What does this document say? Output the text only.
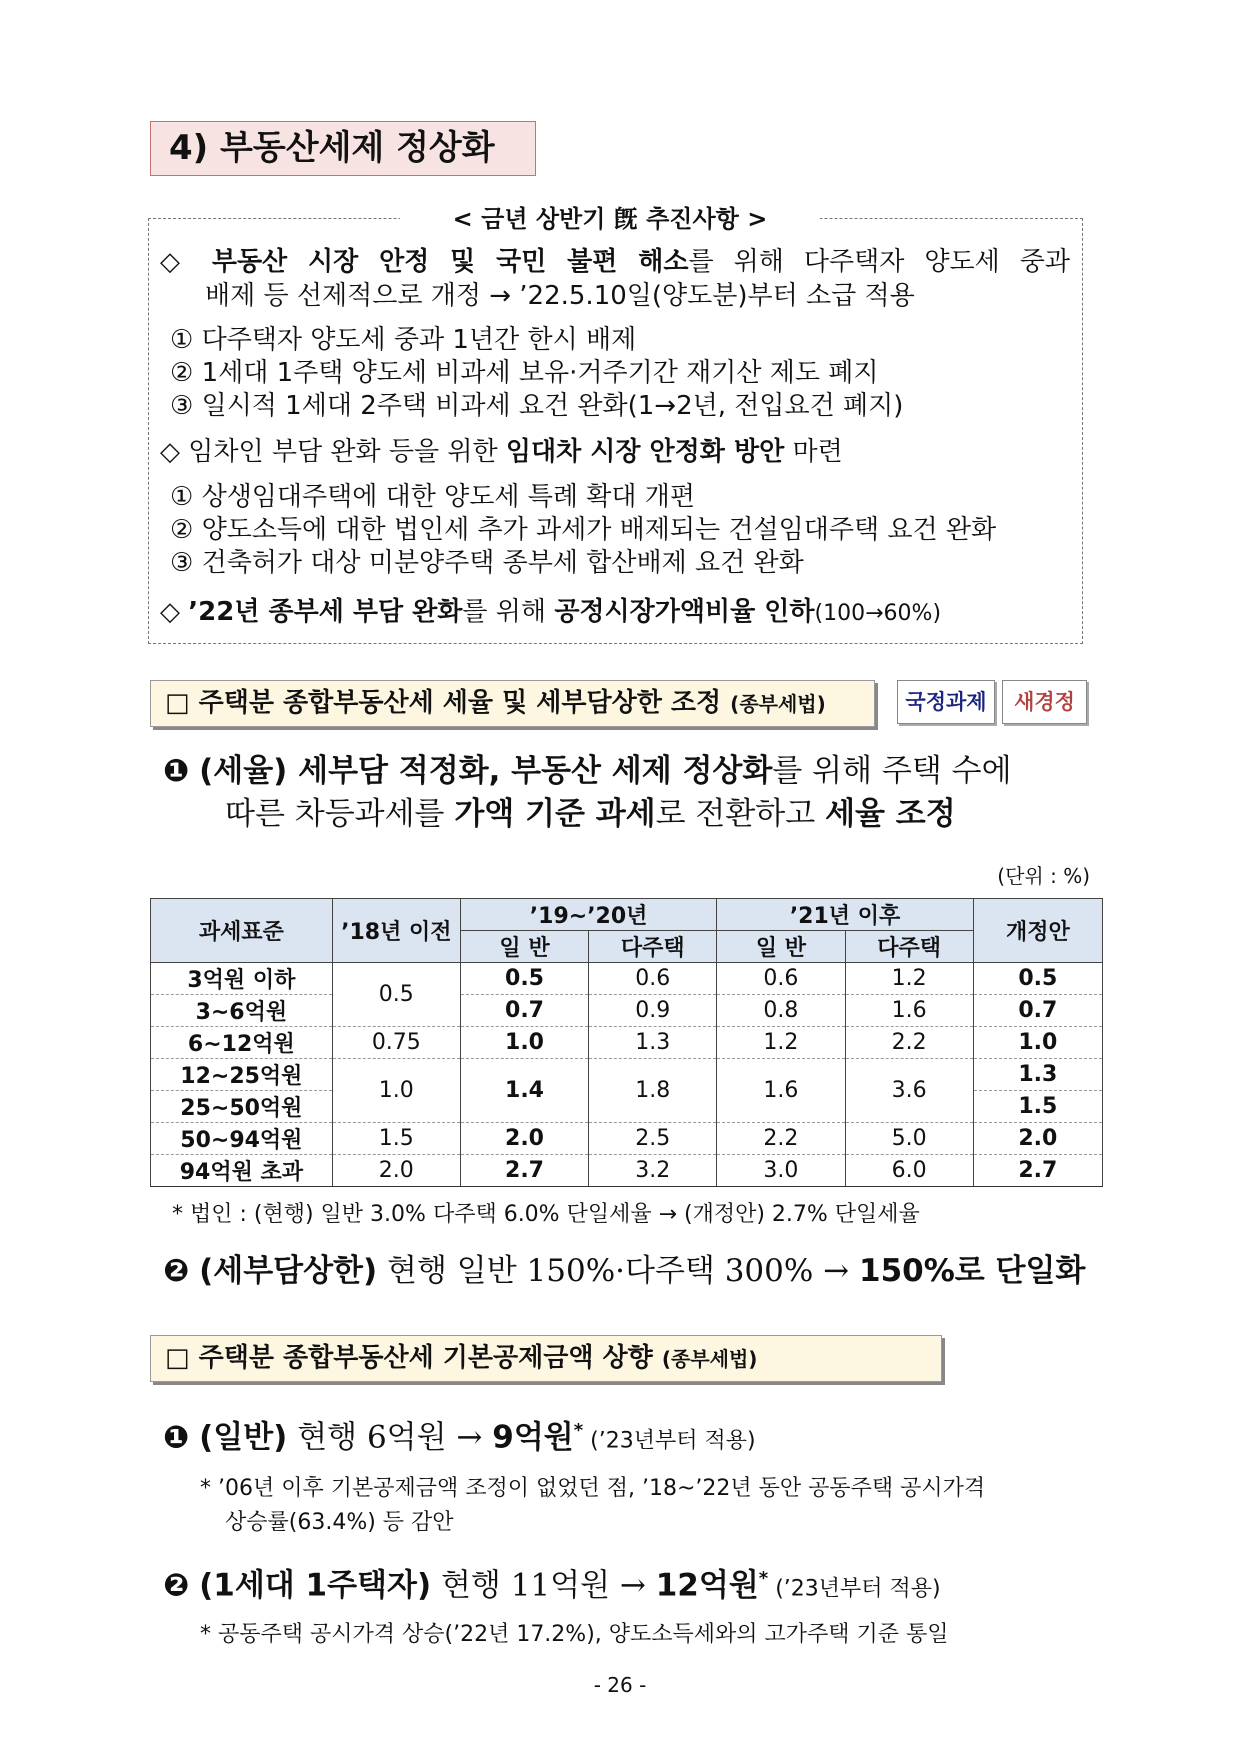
4) 부동산세제 정상화
< 금년 상반기 旣 추진사항 >
◇ 부동산 시장 안정 및 국민 불편 해소를 위해 다주택자 양도세 중과
배제 등 선제적으로 개정 → ’22.5.10일(양도분)부터 소급 적용
① 다주택자 양도세 중과 1년간 한시 배제
② 1세대 1주택 양도세 비과세 보유·거주기간 재기산 제도 폐지
③ 일시적 1세대 2주택 비과세 요건 완화(1→2년, 전입요건 폐지)
◇ 임차인 부담 완화 등을 위한 임대차 시장 안정화 방안 마련
① 상생임대주택에 대한 양도세 특례 확대 개편
② 양도소득에 대한 법인세 추가 과세가 배제되는 건설임대주택 요건 완화
③ 건축허가 대상 미분양주택 종부세 합산배제 요건 완화
◇ ’22년 종부세 부담 완화를 위해 공정시장가액비율 인하(100→60%)
□ 주택분 종합부동산세 세율 및 세부담상한 조정 (종부세법)	국정과제	새경정
❶ (세율) 세부담 적정화, 부동산 세제 정상화를 위해 주택 수에
따른 차등과세를 가액 기준 과세로 전환하고 세율 조정
(단위 : %)
과세표준	’18년 이전	’19~’20년		’21년 이후		개정안
		일 반	다주택	일 반	다주택	
3억원 이하	0.5	0.5	0.6	0.6	1.2	0.5
3~6억원		0.7	0.9	0.8	1.6	0.7
6~12억원	0.75	1.0	1.3	1.2	2.2	1.0
12~25억원	1.0	1.4	1.8	1.6	3.6	1.3
25~50억원						1.5
50~94억원	1.5	2.0	2.5	2.2	5.0	2.0
94억원 초과	2.0	2.7	3.2	3.0	6.0	2.7
* 법인 : (현행) 일반 3.0% 다주택 6.0% 단일세율 → (개정안) 2.7% 단일세율
❷ (세부담상한) 현행 일반 150%·다주택 300% → 150%로 단일화
□ 주택분 종합부동산세 기본공제금액 상향 (종부세법)
❶ (일반) 현행 6억원 → 9억원* (’23년부터 적용)
* ’06년 이후 기본공제금액 조정이 없었던 점, ’18~’22년 동안 공동주택 공시가격
상승률(63.4%) 등 감안
❷ (1세대 1주택자) 현행 11억원 → 12억원* (’23년부터 적용)
* 공동주택 공시가격 상승(’22년 17.2%), 양도소득세와의 고가주택 기준 통일
- 26 -
